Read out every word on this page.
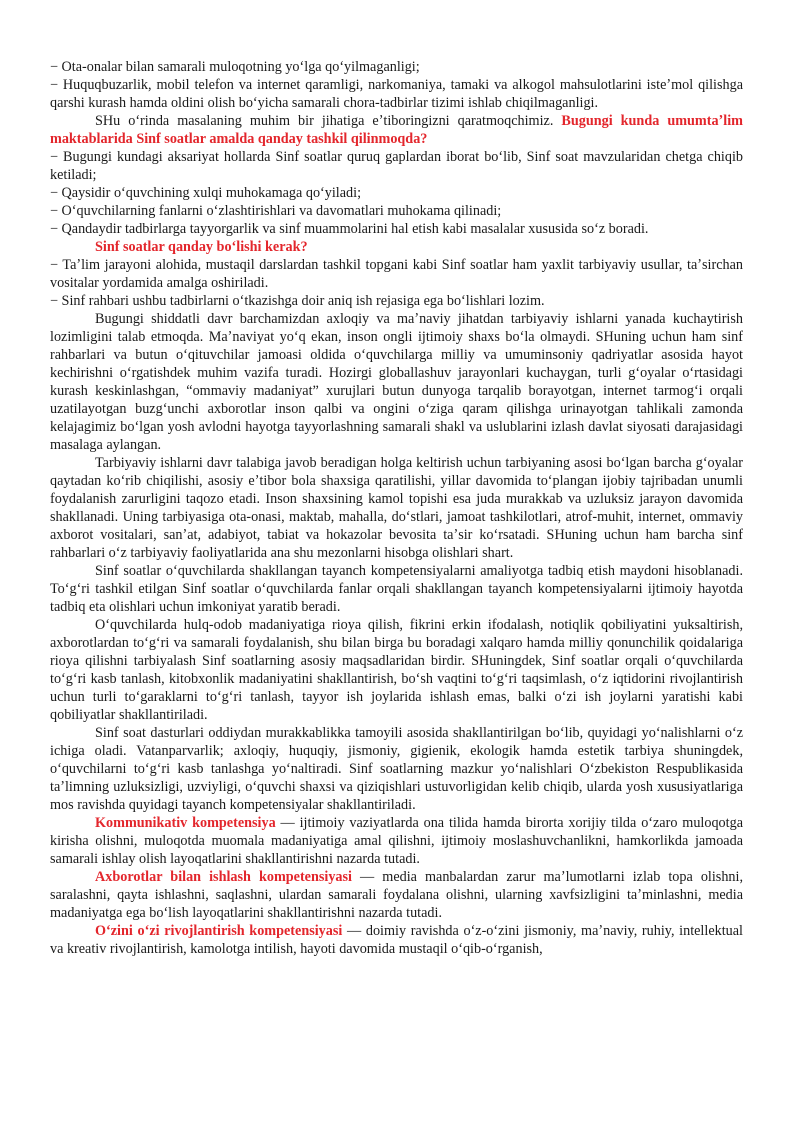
− Ota-onalar bilan samarali muloqotning yoʻlga qoʻyilmaganligi;

− Huquqbuzarlik, mobil telefon va internet qaramligi, narkomaniya, tamaki va alkogol mahsulotlarini isteʼmol qilishga qarshi kurash hamda oldini olish boʻyicha samarali chora-tadbirlar tizimi ishlab chiqilmaganligi.

SHu oʻrinda masalaning muhim bir jihatiga eʼtiboringizni qaratmoqchimiz. Bugungi kunda umumtaʼlim maktablarida Sinf soatlar amalda qanday tashkil qilinmoqda?

− Bugungi kundagi aksariyat hollarda Sinf soatlar quruq gaplardan iborat boʻlib, Sinf soat mavzularidan chetga chiqib ketiladi;

− Qaysidir oʻquvchining xulqi muhokamaga qoʻyiladi;

− Oʻquvchilarning fanlarni oʻzlashtirishlari va davomatlari muhokama qilinadi;

− Qandaydir tadbirlarga tayyorgarlik va sinf muammolarini hal etish kabi masalalar xususida soʻz boradi.

Sinf soatlar qanday boʻlishi kerak?

− Taʼlim jarayoni alohida, mustaqil darslardan tashkil topgani kabi Sinf soatlar ham yaxlit tarbiyaviy usullar, taʼsirchan vositalar yordamida amalga oshiriladi.

− Sinf rahbari ushbu tadbirlarni oʻtkazishga doir aniq ish rejasiga ega boʻlishlari lozim.

Bugungi shiddatli davr barchamizdan axloqiy va maʼnaviy jihatdan tarbiyaviy ishlarni yanada kuchaytirish lozimligini talab etmoqda. Maʼnaviyat yoʻq ekan, inson ongli ijtimoiy shaxs boʻla olmaydi. SHuning uchun ham sinf rahbarlari va butun oʻqituvchilar jamoasi oldida oʻquvchilarga milliy va umuminsoniy qadriyatlar asosida hayot kechirishni oʻrgatishdek muhim vazifa turadi. Hozirgi globallashuv jarayonlari kuchaygan, turli gʻoyalar oʻrtasidagi kurash keskinlashgan, “ommaviy madaniyat” xurujlari butun dunyoga tarqalib borayotgan, internet tarmogʻi orqali uzatilayotgan buzgʻunchi axborotlar inson qalbi va ongini oʻziga qaram qilishga urinayotgan tahlikali zamonda kelajagimiz boʻlgan yosh avlodni hayotga tayyorlashning samarali shakl va uslublarini izlash davlat siyosati darajasidagi masalaga aylangan.

Tarbiyaviy ishlarni davr talabiga javob beradigan holga keltirish uchun tarbiyaning asosi boʻlgan barcha gʻoyalar qaytadan koʻrib chiqilishi, asosiy eʼtibor bola shaxsiga qaratilishi, yillar davomida toʻplangan ijobiy tajribadan unumli foydalanish zarurligini taqozo etadi. Inson shaxsining kamol topishi esa juda murakkab va uzluksiz jarayon davomida shakllanadi. Uning tarbiyasiga ota-onasi, maktab, mahalla, doʻstlari, jamoat tashkilotlari, atrof-muhit, internet, ommaviy axborot vositalari, sanʼat, adabiyot, tabiat va hokazolar bevosita taʼsir koʻrsatadi. SHuning uchun ham barcha sinf rahbarlari oʻz tarbiyaviy faoliyatlarida ana shu mezonlarni hisobga olishlari shart.

Sinf soatlar oʻquvchilarda shakllangan tayanch kompetensiyalarni amaliyotga tadbiq etish maydoni hisoblanadi. Toʻgʻri tashkil etilgan Sinf soatlar oʻquvchilarda fanlar orqali shakllangan tayanch kompetensiyalarni ijtimoiy hayotda tadbiq eta olishlari uchun imkoniyat yaratib beradi.

Oʻquvchilarda hulq-odob madaniyatiga rioya qilish, fikrini erkin ifodalash, notiqlik qobiliyatini yuksaltirish, axborotlardan toʻgʻri va samarali foydalanish, shu bilan birga bu boradagi xalqaro hamda milliy qonunchilik qoidalariga rioya qilishni tarbiyalash Sinf soatlarning asosiy maqsadlaridan birdir. SHuningdek, Sinf soatlar orqali oʻquvchilarda toʻgʻri kasb tanlash, kitobxonlik madaniyatini shakllantirish, boʻsh vaqtini toʻgʻri taqsimlash, oʻz iqtidorini rivojlantirish uchun turli toʻgaraklarni toʻgʻri tanlash, tayyor ish joylarida ishlash emas, balki oʻzi ish joylarni yaratishi kabi qobiliyatlar shakllantiriladi.

Sinf soat dasturlari oddiydan murakkablikka tamoyili asosida shakllantirilgan boʻlib, quyidagi yoʻnalishlarni oʻz ichiga oladi. Vatanparvarlik; axloqiy, huquqiy, jismoniy, gigienik, ekologik hamda estetik tarbiya shuningdek, oʻquvchilarni toʻgʻri kasb tanlashga yoʻnaltiradi. Sinf soatlarning mazkur yoʻnalishlari Oʻzbekiston Respublikasida taʼlimning uzluksizligi, uzviyligi, oʻquvchi shaxsi va qiziqishlari ustuvorligidan kelib chiqib, ularda yosh xususiyatlariga mos ravishda quyidagi tayanch kompetensiyalar shakllantiriladi.

Kommunikativ kompetensiya — ijtimoiy vaziyatlarda ona tilida hamda birorta xorijiy tilda oʻzaro muloqotga kirisha olishni, muloqotda muomala madaniyatiga amal qilishni, ijtimoiy moslashuvchanlikni, hamkorlikda jamoada samarali ishlay olish layoqatlarini shakllantirishni nazarda tutadi.

Axborotlar bilan ishlash kompetensiyasi — media manbalardan zarur maʼlumotlarni izlab topa olishni, saralashni, qayta ishlashni, saqlashni, ulardan samarali foydalana olishni, ularning xavfsizligini taʼminlashni, media madaniyatga ega boʻlish layoqatlarini shakllantirishni nazarda tutadi.

Oʻzini oʻzi rivojlantirish kompetensiyasi — doimiy ravishda oʻz-oʻzini jismoniy, maʼnaviy, ruhiy, intellektual va kreativ rivojlantirish, kamolotga intilish, hayoti davomida mustaqil oʻqib-oʻrganish,
